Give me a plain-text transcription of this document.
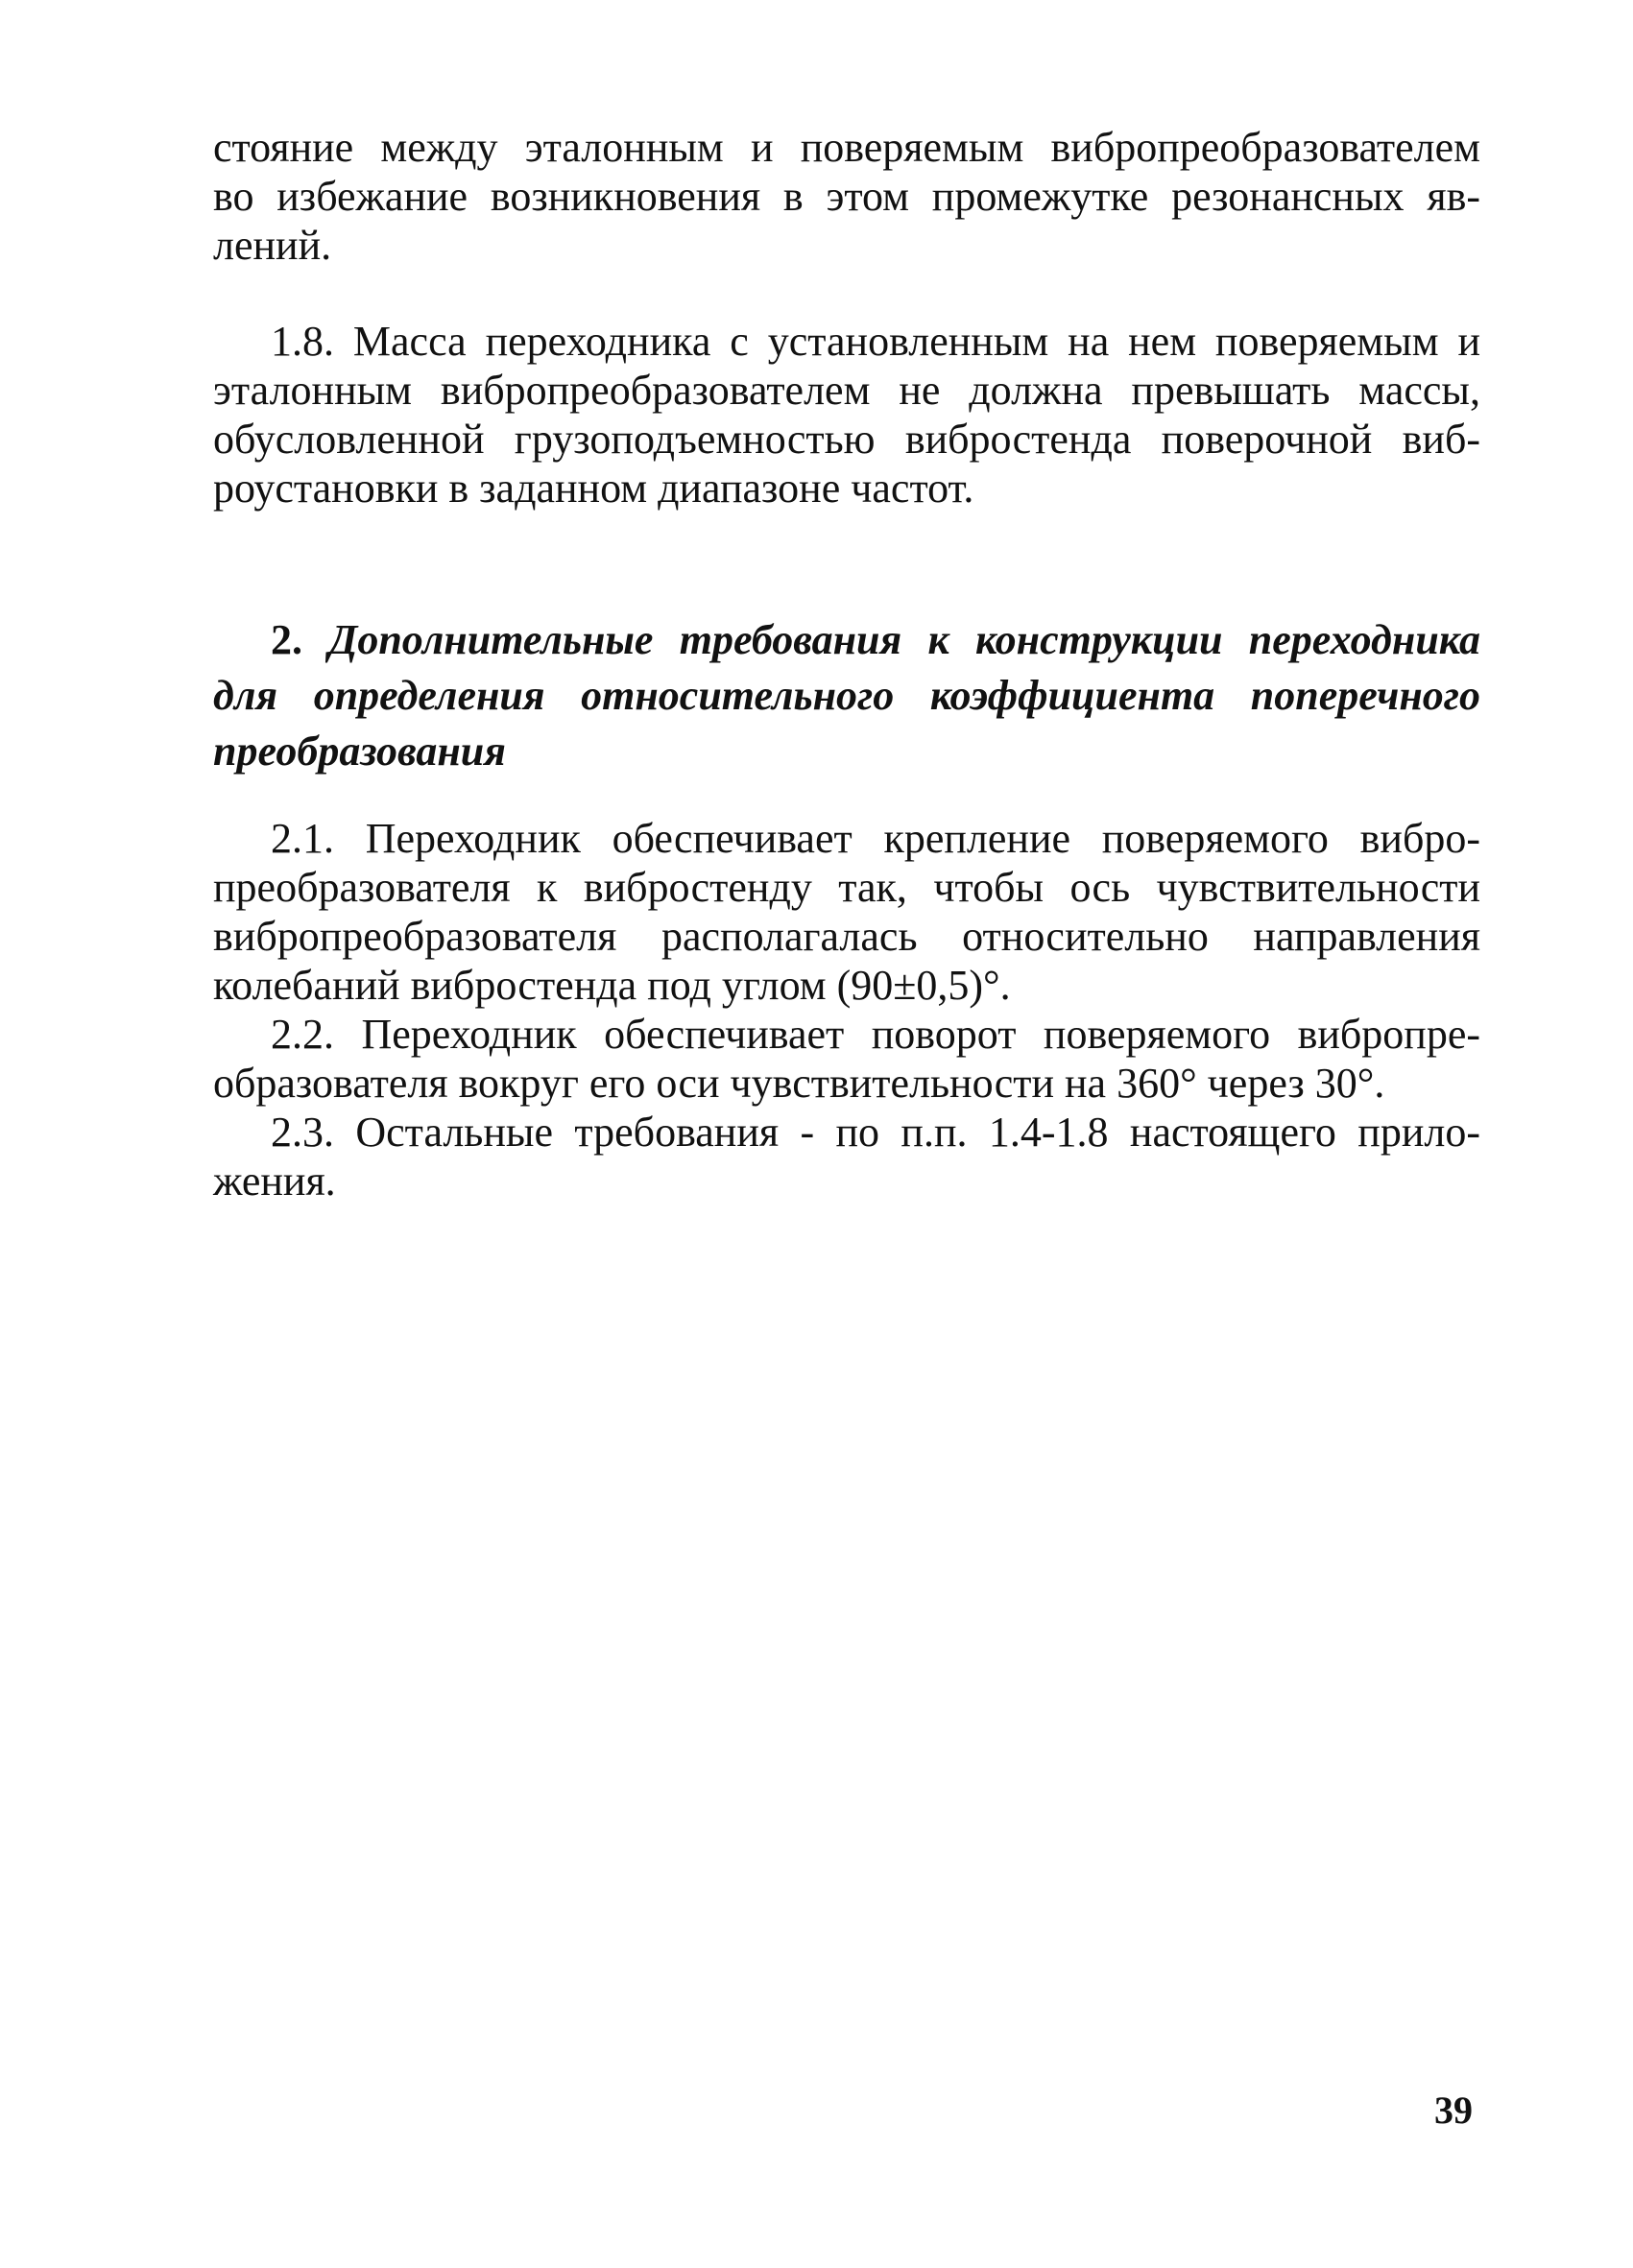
стояние между эталонным и поверяемым вибропреобразователем
во избежание возникновения в этом промежутке резонансных яв-
лений.
1.8. Масса переходника с установленным на нем поверяемым и
эталонным вибропреобразователем не должна превышать массы,
обусловленной грузоподъемностью вибростенда поверочной виб-
роустановки в заданном диапазоне частот.
2. Дополнительные требования к конструкции переходника
для определения относительного коэффициента поперечного
преобразования
2.1. Переходник обеспечивает крепление поверяемого вибро-
преобразователя к вибростенду так, чтобы ось чувствительности
вибропреобразователя располагалась относительно направления
колебаний вибростенда под углом (90±0,5)°.
2.2. Переходник обеспечивает поворот поверяемого вибропре-
образователя вокруг его оси чувствительности на 360° через 30°.
2.3. Остальные требования - по п.п. 1.4-1.8 настоящего прило-
жения.
39
